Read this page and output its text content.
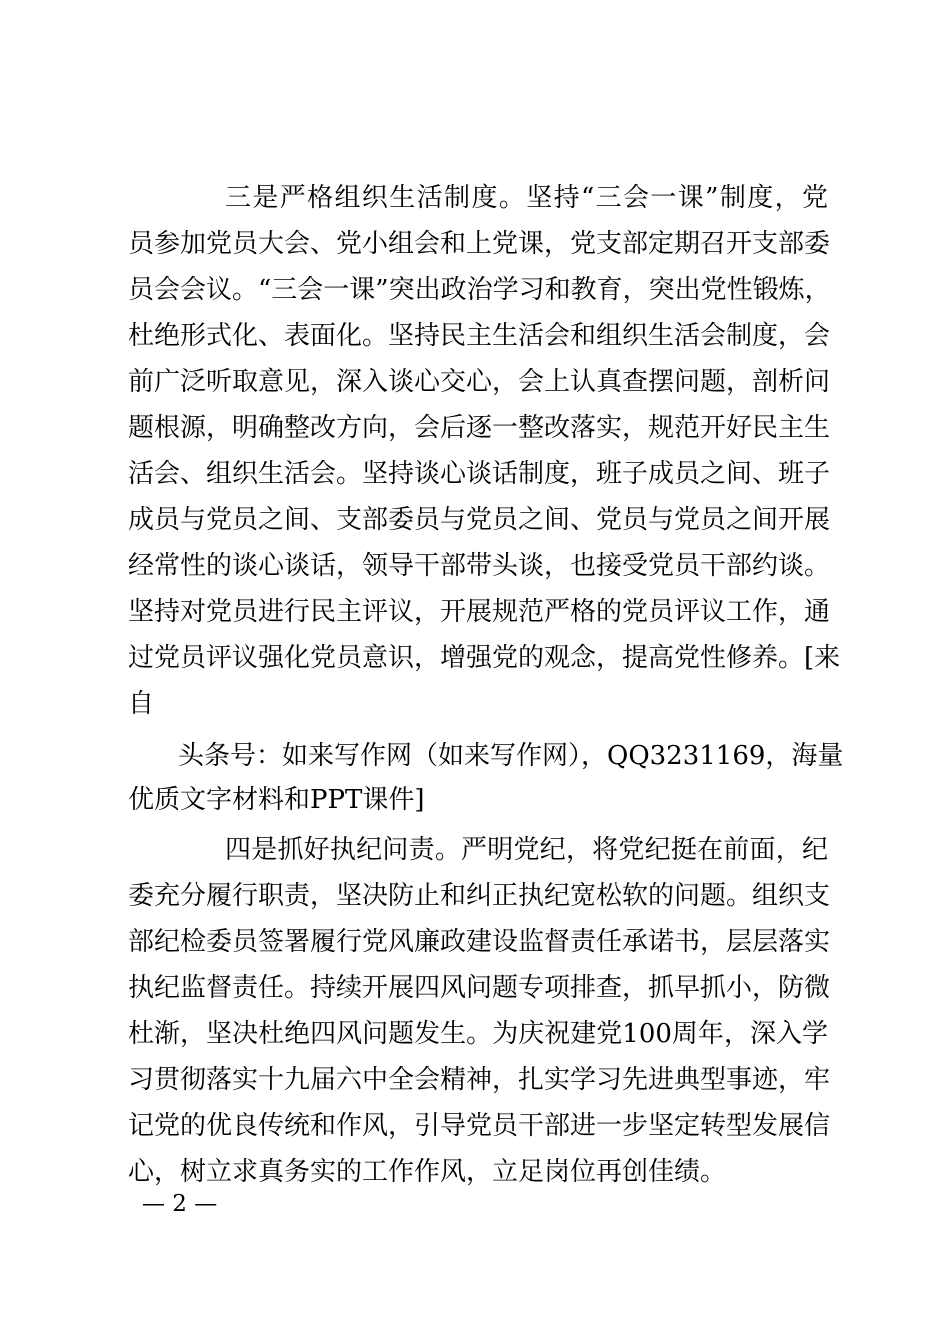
三是严格组织生活制度。坚持“三会一课”制度，党
员参加党员大会、党小组会和上党课，党支部定期召开支部委
员会会议。“三会一课”突出政治学习和教育，突出党性锻炼，
杜绝形式化、表面化。坚持民主生活会和组织生活会制度，会
前广泛听取意见，深入谈心交心，会上认真查摆问题，剖析问
题根源，明确整改方向，会后逐一整改落实，规范开好民主生
活会、组织生活会。坚持谈心谈话制度，班子成员之间、班子
成员与党员之间、支部委员与党员之间、党员与党员之间开展
经常性的谈心谈话，领导干部带头谈，也接受党员干部约谈。
坚持对党员进行民主评议，开展规范严格的党员评议工作，通
过党员评议强化党员意识，增强党的观念，提高党性修养。[来
自
头条号：如来写作网（如来写作网），QQ3231169，海量
优质文字材料和PPT课件]
四是抓好执纪问责。严明党纪，将党纪挺在前面，纪
委充分履行职责，坚决防止和纠正执纪宽松软的问题。组织支
部纪检委员签署履行党风廉政建设监督责任承诺书，层层落实
执纪监督责任。持续开展四风问题专项排查，抓早抓小，防微
杜渐，坚决杜绝四风问题发生。为庆祝建党100周年，深入学
习贯彻落实十九届六中全会精神，扎实学习先进典型事迹，牢
记党的优良传统和作风，引导党员干部进一步坚定转型发展信
心，树立求真务实的工作作风，立足岗位再创佳绩。
— 2 —
